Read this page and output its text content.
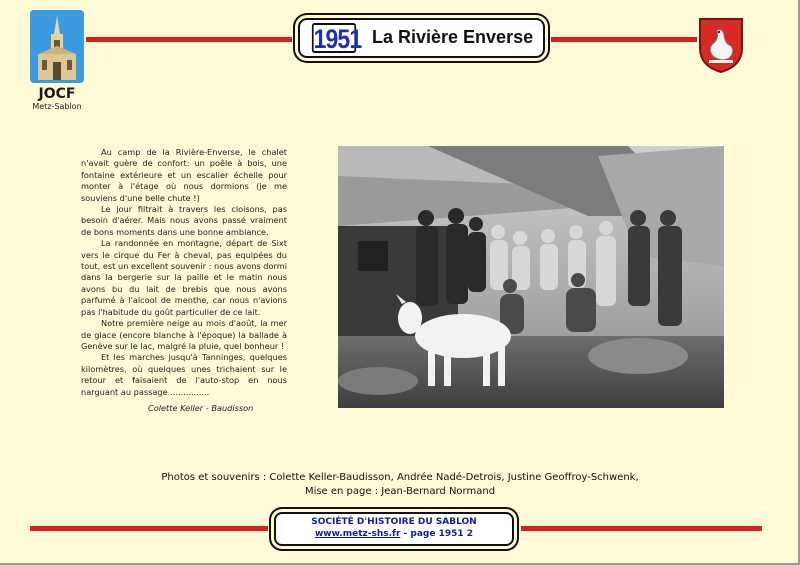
JOCF
Metz-Sablon
1951 La Rivière Enverse

Au camp de la Rivière-Enverse, le chalet n'avait guère de confort: un poêle à bois, une fontaine extérieure et un escalier échelle pour monter à l'étage où nous dormions (je me souviens d'une belle chute !)

Le jour filtrait à travers les cloisons, pas besoin d'aérer. Mais nous avons passé vraiment de bons moments dans une bonne ambiance.

La randonnée en montagne, départ de Sixt vers le cirque du Fer à cheval, pas equipées du tout, est un excellent souvenir : nous avons dormi dans la bergerie sur la paille et le matin nous avons bu du lait de brebis que nous avons parfumé à l'alcool de menthe, car nous n'avions pas l'habitude du goût particulier de ce lait.

Notre première neige au mois d'août, la mer de glace (encore blanche à l'époque) la ballade à Genève sur le lac, malgré la pluie, quel bonheur !

Et les marches jusqu'à Tanninges, quelques kilomètres, où quelques unes trichaient sur le retour et faisaient de l'auto-stop en nous narguant au passage ...............

Colette Keller - Baudisson
Photos et souvenirs : Colette Keller-Baudisson, Andrée Nadé-Detrois, Justine Geoffroy-Schwenk,
Mise en page : Jean-Bernard Normand
SOCIÉTÉ D'HISTOIRE DU SABLON
www.metz-shs.fr - page 1951 2
